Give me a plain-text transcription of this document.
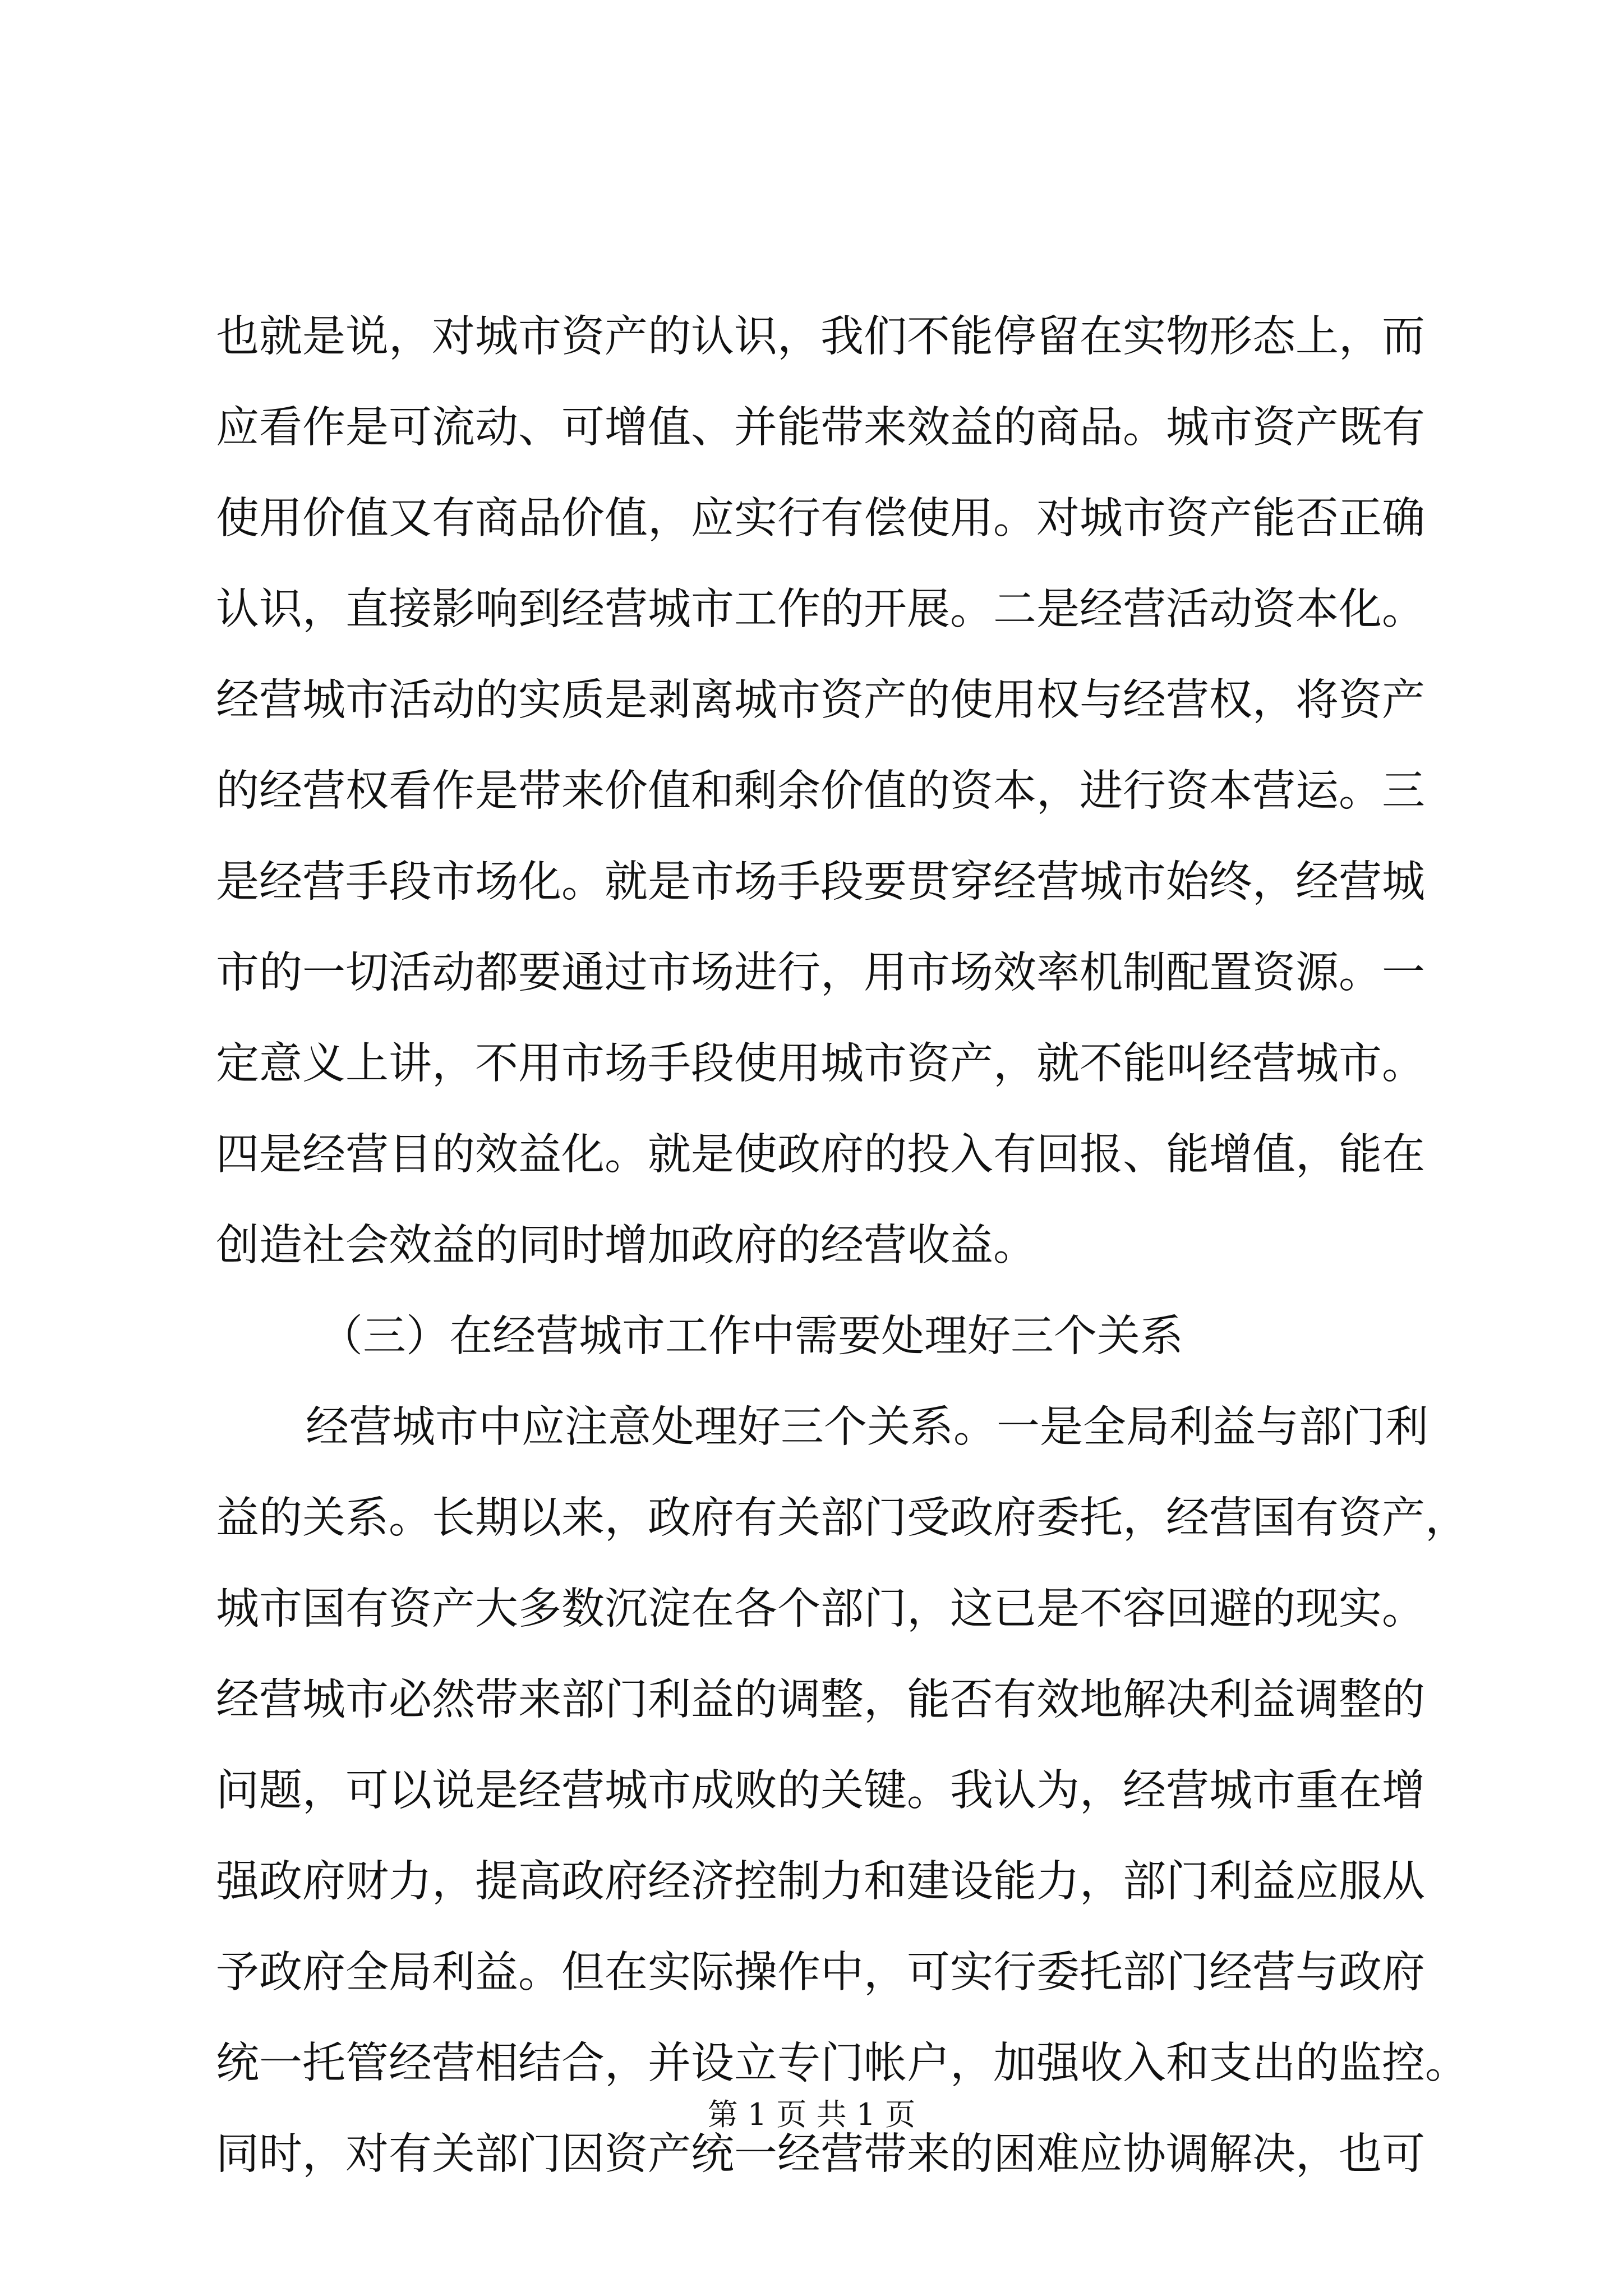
也就是说，对城市资产的认识，我们不能停留在实物形态上，而
应看作是可流动、可增值、并能带来效益的商品。城市资产既有
使用价值又有商品价值，应实行有偿使用。对城市资产能否正确
认识，直接影响到经营城市工作的开展。二是经营活动资本化。
经营城市活动的实质是剥离城市资产的使用权与经营权，将资产
的经营权看作是带来价值和剩余价值的资本，进行资本营运。三
是经营手段市场化。就是市场手段要贯穿经营城市始终，经营城
市的一切活动都要通过市场进行，用市场效率机制配置资源。一
定意义上讲，不用市场手段使用城市资产，就不能叫经营城市。
四是经营目的效益化。就是使政府的投入有回报、能增值，能在
创造社会效益的同时增加政府的经营收益。
（三）在经营城市工作中需要处理好三个关系
经营城市中应注意处理好三个关系。一是全局利益与部门利
益的关系。长期以来，政府有关部门受政府委托，经营国有资产，
城市国有资产大多数沉淀在各个部门，这已是不容回避的现实。
经营城市必然带来部门利益的调整，能否有效地解决利益调整的
问题，可以说是经营城市成败的关键。我认为，经营城市重在增
强政府财力，提高政府经济控制力和建设能力，部门利益应服从
予政府全局利益。但在实际操作中，可实行委托部门经营与政府
统一托管经营相结合，并设立专门帐户，加强收入和支出的监控。
同时，对有关部门因资产统一经营带来的困难应协调解决，也可
第 1 页 共 1 页
